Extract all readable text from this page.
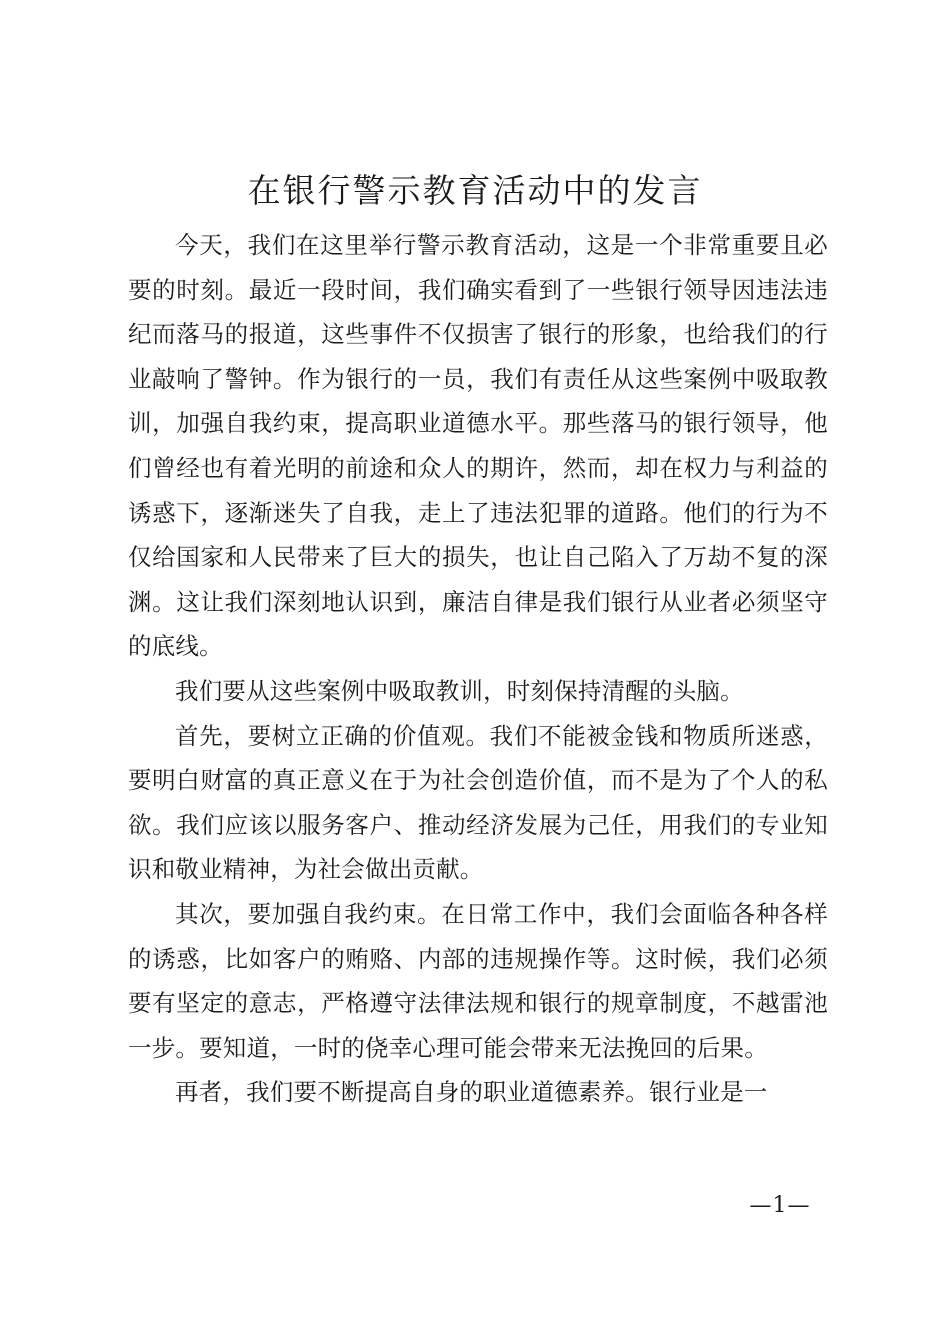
在银行警示教育活动中的发言

今天，我们在这里举行警示教育活动，这是一个非常重要且必要的时刻。最近一段时间，我们确实看到了一些银行领导因违法违纪而落马的报道，这些事件不仅损害了银行的形象，也给我们的行业敲响了警钟。作为银行的一员，我们有责任从这些案例中吸取教训，加强自我约束，提高职业道德水平。那些落马的银行领导，他们曾经也有着光明的前途和众人的期许，然而，却在权力与利益的诱惑下，逐渐迷失了自我，走上了违法犯罪的道路。他们的行为不仅给国家和人民带来了巨大的损失，也让自己陷入了万劫不复的深渊。这让我们深刻地认识到，廉洁自律是我们银行从业者必须坚守的底线。

我们要从这些案例中吸取教训，时刻保持清醒的头脑。

首先，要树立正确的价值观。我们不能被金钱和物质所迷惑，要明白财富的真正意义在于为社会创造价值，而不是为了个人的私欲。我们应该以服务客户、推动经济发展为己任，用我们的专业知识和敬业精神，为社会做出贡献。

其次，要加强自我约束。在日常工作中，我们会面临各种各样的诱惑，比如客户的贿赂、内部的违规操作等。这时候，我们必须要有坚定的意志，严格遵守法律法规和银行的规章制度，不越雷池一步。要知道，一时的侥幸心理可能会带来无法挽回的后果。

再者，我们要不断提高自身的职业道德素养。银行业是一

—1—
